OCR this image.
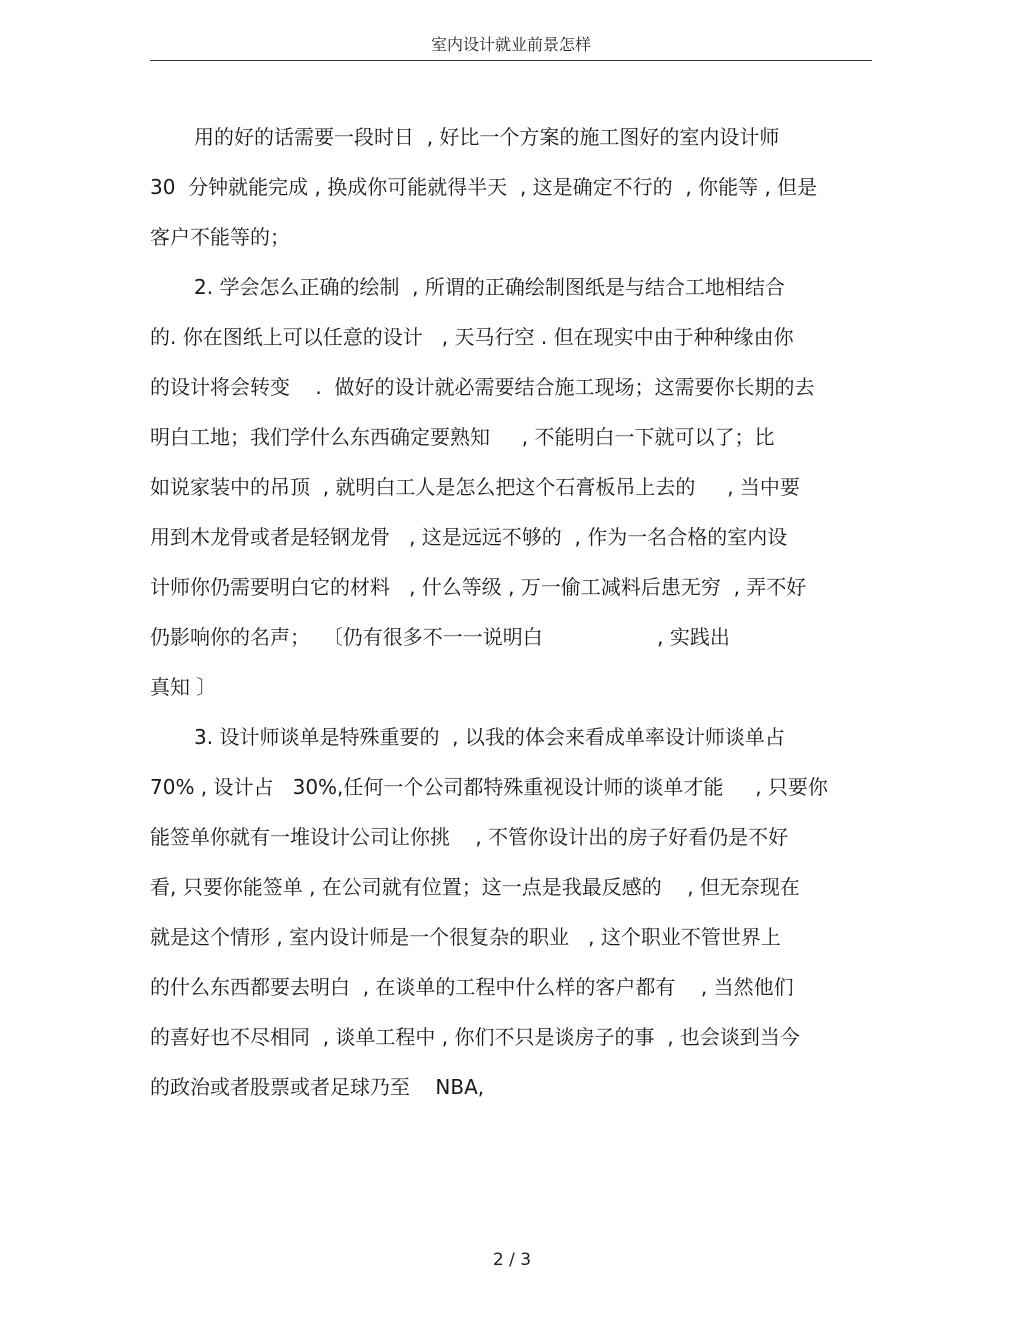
室内设计就业前景怎样
用的好的话需要一段时日  , 好比一个方案的施工图好的室内设计师
30  分钟就能完成 , 换成你可能就得半天  , 这是确定不行的  , 你能等 , 但是
客户不能等的；
2. 学会怎么正确的绘制  , 所谓的正确绘制图纸是与结合工地相结合
的. 你在图纸上可以任意的设计   , 天马行空 . 但在现实中由于种种缘由你
的设计将会转变    .  做好的设计就必需要结合施工现场；这需要你长期的去
明白工地；我们学什么东西确定要熟知     , 不能明白一下就可以了；比
如说家装中的吊顶  , 就明白工人是怎么把这个石膏板吊上去的     , 当中要
用到木龙骨或者是轻钢龙骨   , 这是远远不够的  , 作为一名合格的室内设
计师你仍需要明白它的材料   , 什么等级 , 万一偷工减料后患无穷  , 弄不好
仍影响你的名声；  〔仍有很多不一一说明白                  , 实践出
真知 〕
3. 设计师谈单是特殊重要的  , 以我的体会来看成单率设计师谈单占
70% , 设计占   30%,任何一个公司都特殊重视设计师的谈单才能     , 只要你
能签单你就有一堆设计公司让你挑    , 不管你设计出的房子好看仍是不好
看, 只要你能签单 , 在公司就有位置；这一点是我最反感的    , 但无奈现在
就是这个情形 , 室内设计师是一个很复杂的职业   , 这个职业不管世界上
的什么东西都要去明白  , 在谈单的工程中什么样的客户都有    , 当然他们
的喜好也不尽相同  , 谈单工程中 , 你们不只是谈房子的事  , 也会谈到当今
的政治或者股票或者足球乃至    NBA,
2 / 3
